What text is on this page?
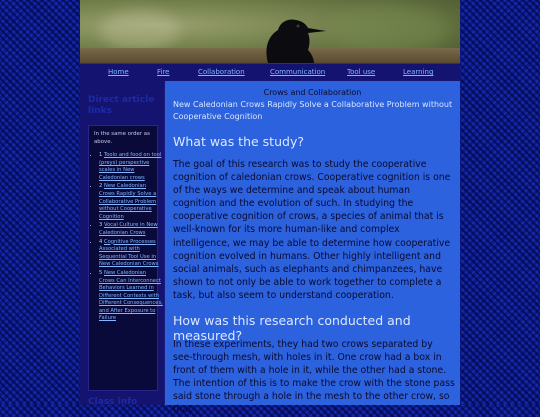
Home	Fire	Collaboration	Communication	Tool use	Learning
Direct article links
In the same order as above.
• 1 Toolo and food on tool (preys) perspective scales in New Caledonian crows
• 2 New Caledonian Crows Rapidly Solve a Collaborative Problem without Cooperative Cognition
• 3 Vocal Culture in New Caledonian Crows
• 4 Cognitive Processes Associated with Sequential Tool Use in New Caledonian Crows
• 5 New Caledonian Crows Can Interconnect Behaviors Learned in Different Contexts with Different Consequences, and After Exposure to Failure
Class info
Crows and Collaboration
New Caledonian Crows Rapidly Solve a Collaborative Problem without Cooperative Cognition
What was the study?

The goal of this research was to study the cooperative cognition of caledonian crows. Cooperative cognition is one of the ways we determine and speak about human cognition and the evolution of such. In studying the cooperative cognition of crows, a species of animal that is well-known for its more human-like and complex intelligence, we may be able to determine how cooperative cognition evolved in humans. Other highly intelligent and social animals, such as elephants and chimpanzees, have shown to not only be able to work together to complete a task, but also seem to understand cooperation.

How was this research conducted and measured?

In these experiments, they had two crows separated by see-through mesh, with holes in it. One crow had a box in front of them with a hole in it, while the other had a stone. The intention of this is to make the crow with the stone pass said stone through a hole in the mesh to the other crow, so that
